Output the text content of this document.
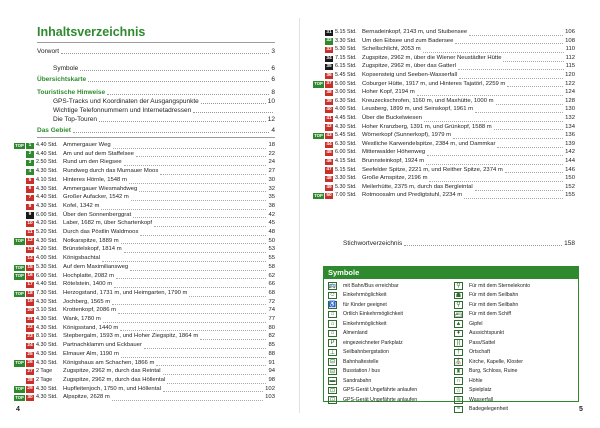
Inhaltsverzeichnis
Vorwort	3
Symbole	6
Übersichtskarte	6
Touristische Hinweise	8
GPS-Tracks und Koordinaten der Ausgangspunkte	10
Wichtige Telefonnummern und Internetadressen
Die Top-Touren	12
Das Gebiet	4
TOP	1 4.40 Std. Ammergauer Weg	18
2 4.40 Std. Am und auf dem Staffelsee	22
3 2.50 Std. Rund um den Riegsee	24
4 4.30 Std. Rundweg durch das Murnauer Moos	27
5 4.10 Std. Hinteres Hörnle, 1548 m	30
6 4.30 Std. Ammergauer Wiesmahdweg	32
7 4.40 Std. Großer Aufacker, 1542 m	35
8 4.30 Std. Kofel, 1342 m	38
9 6.00 Std. Über den Sonnenberggrat	42
10 4.20 Std. Laber, 1682 m, über Schartenkopf	45
11 5.20 Std. Durch das Pöstlin Waldmoos	48
TOP 12 4.30 Std. Notkarspitze, 1889 m	50
13 4.20 Std. Brünstelskopf, 1814 m	53
14 4.00 Std. Königsbachtal	55
TOP 15 5.30 Std. Auf dem Maximiliansweg	58
TOP 16 6.00 Std. Hochplatte, 2082 m	62
17 4.40 Std. Rötelstein, 1400 m	66
TOP 18 7.30 Std. Herzogstand, 1731 m, und Heimgarten, 1790 m	68
19 4.30 Std. Jochberg, 1565 m	72
20 3.10 Std. Krottenkopf, 2086 m	74
21 4.30 Std. Wank, 1780 m	77
22 4.30 Std. Königsstand, 1440 m	80
23 8.10 Std. Stepbergalm, 1593 m, und Hoher Ziegspitz, 1864 m	82
24 4.30 Std. Partnachklamm und Eckbauer	85
25 4.30 Std. Elmauer Alm, 1190 m	88
TOP 26 4.30 Std. Königshaus am Schachen, 1866 m	91
27 2 Tage	Zugspitze, 2962 m, durch das Reintal	94
28 2 Tage	Zugspitze, 2962 m, durch das Höllental	98
TOP 29 4.30 Std. Hupfleitenjoch, 1750 m, und Höllental	102
TOP 30 4.30 Std. Alpspitze, 2628 m	103
4
31 5.15 Std. Bernadeinkopf, 2143 m, und Stuibensee	106
32 3.30 Std. Um den Eibsee und zum Badersee	108
33 5.30 Std. Schellschlicht, 2053 m	110
34 7.15 Std. Zugspitze, 2962 m, über die Wiener Neustädter Hütte	112
35 6.15 Std. Zugspitze, 2962 m, über das Gatterl	115
36 5.45 Std. Kopsensteig und Seeben-Wasserfall	120
TOP 37 5.00 Std. Coburger Hütte, 1917 m, und Hinteres Tajatörl, 2259 m	122
38 3.00 Std. Hoher Kopf, 2194 m	124
39 6.30 Std. Kreuzeckschrofen, 1160 m, und Maxhütte, 1000 m	128
40 4.00 Std. Leusberg, 1899 m, und Seinskopf, 1961 m	130
41 4.45 Std. Über die Buckelwiesen	132
42 4.30 Std. Hoher Kranzberg, 1391 m, und Grünkopf, 1588 m	134
TOP 43 5.45 Std. Wörnerkopf (Sunnerkopf), 1979 m	136
44 6.30 Std. Westliche Karwendelspitze, 2384 m, und Dammkar	139
45 6.00 Std. Mittenwalder Höhenweg	142
46 4.15 Std. Brunnsteinkopf, 1924 m	144
47 5.15 Std. Seefelder Spitze, 2221 m, und Reither Spitze, 2374 m	146
48 3.30 Std. Große Arnspitze, 2196 m	150
49 5.30 Std. Meilerhütte, 2375 m, durch das Bergleintal	152
TOP 50 7.00 Std. Rotmoosalm und Predigtstuhl, 2234 m	155
Stichwortverzeichnis	158
5
Symbole
🚌 mit Bahn/Bus erreichbar
☺ Einkehrmöglichkeit
♿ für Kinder geeignet
⌂	Ortlich Einkehrmöglichkeit
⌂	Einkehrmöglichkeit
⌂	Almenland
P	eingezeichneter Parkplatz
⊥	Seilbahnbergstation
⊟	Bahnhaltestelle
⊟	Busstation / bus
▬ Sandrabahn
⊡	GPS-Gerät Ungefährte anlaufen
⊡	GPS-Gerät Ungefährte anlaufen
⚲	Für mit dem Sternelekonto
☗	Für mit dem Seilbahn
⚲	Für mit dem Seilbahn
⛴ Für mit dem Schiff
▲ Gipfel
♦	Aussichtspunkt
)(	Pass/Sattel
†	Ortschaft
⛪ Kirche, Kapelle, Kloster
♜	Burg, Schloss, Ruine
∩	Höhle
☆	Spielplatz
≋	Wasserfall
≈	Badegelegenheit
